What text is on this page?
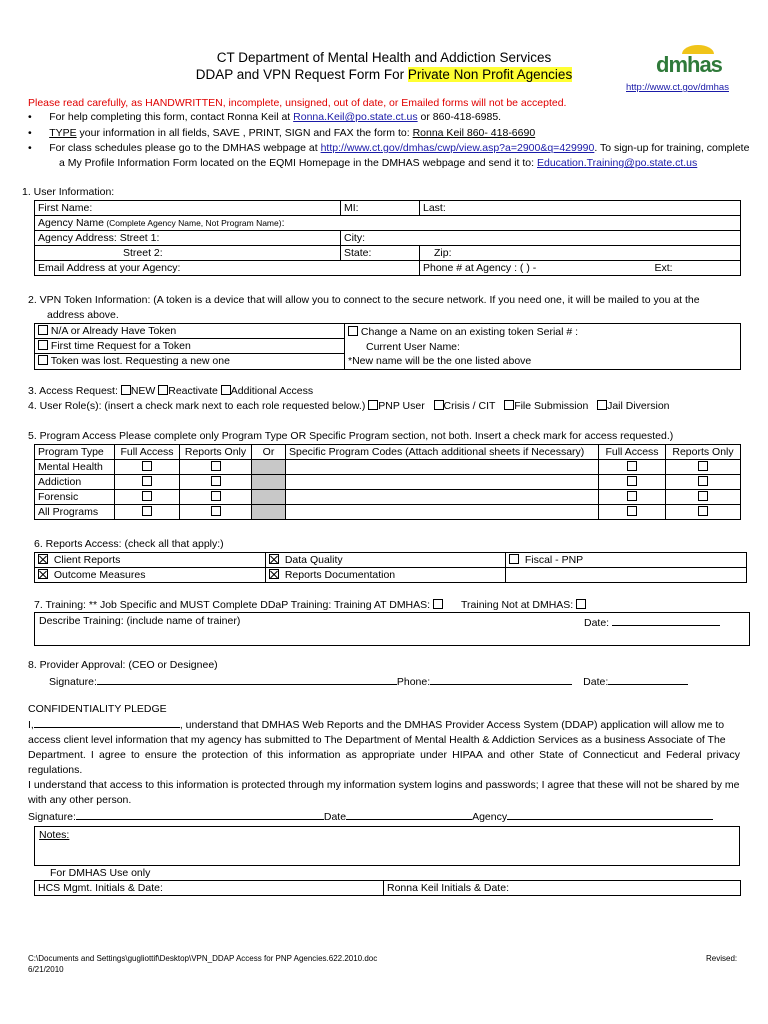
CT Department of Mental Health and Addiction Services
DDAP and VPN Request Form For Private Non Profit Agencies	dmhas
http://www.ct.gov/dmhas
Please read carefully, as HANDWRITTEN, incomplete, unsigned, out of date, or Emailed forms will not be accepted.
•      For help completing this form, contact Ronna Keil at Ronna.Keil@po.state.ct.us or 860-418-6985.
•      TYPE your information in all fields, SAVE , PRINT, SIGN and FAX the form to: Ronna Keil 860- 418-6690
•      For class schedules please go to the DMHAS webpage at http://www.ct.gov/dmhas/cwp/view.asp?a=2900&q=429990. To sign-up for training, complete
a My Profile Information Form located on the EQMI Homepage in the DMHAS webpage and send it to: Education.Training@po.state.ct.us
1. User Information:
First Name:	MI:	Last:
Agency Name (Complete Agency Name, Not Program Name):		
Agency Address: Street 1:	City:	
Street 2:	State:	Zip:
Email Address at your Agency:		Phone # at Agency : ( ) - Ext:
2. VPN Token Information: (A token is a device that will allow you to connect to the secure network. If you need one, it will be mailed to you at the
address above.
N/A or Already Have Token	Change a Name on an existing token Serial # :
Current User Name:
*New name will be the one listed above

First time Request for a Token
Token was lost. Requesting a new one
3. Access Request: NEW Reactivate Additional Access
4. User Role(s): (insert a check mark next to each role requested below.) PNP User Crisis / CIT File Submission Jail Diversion
5. Program Access Please complete only Program Type OR Specific Program section, not both. Insert a check mark for access requested.)
Program Type	Full Access	Reports Only	Or	Specific Program Codes (Attach additional sheets if Necessary)	Full Access	Reports Only
Mental Health						
Addiction						
Forensic						
All Programs						
6. Reports Access: (check all that apply:)
Client Reports	Data Quality	Fiscal - PNP
Outcome Measures	Reports Documentation	
7. Training: ** Job Specific and MUST Complete DDaP Training: Training AT DMHAS:	Training Not at DMHAS:
Describe Training: (include name of trainer)	Date:
8. Provider Approval: (CEO or Designee)
Signature:	Phone:	Date:
CONFIDENTIALITY PLEDGE
I,	, understand that DMHAS Web Reports and the DMHAS Provider Access System (DDAP) application will allow me to
access client level information that my agency has submitted to The Department of Mental Health & Addiction Services as a business Associate of The
Department. I agree to ensure the protection of this information as appropriate under HIPAA and other State of Connecticut and Federal privacy regulations.
I understand that access to this information is protected through my information system logins and passwords; I agree that these will not be shared by me
with any other person.
Signature:	Date	Agency
Notes:
For DMHAS Use only
HCS Mgmt. Initials & Date:	Ronna Keil Initials & Date:
C:\Documents and Settings\gugliottif\Desktop\VPN_DDAP Access for PNP Agencies.622.2010.doc
6/21/2010
Revised:
